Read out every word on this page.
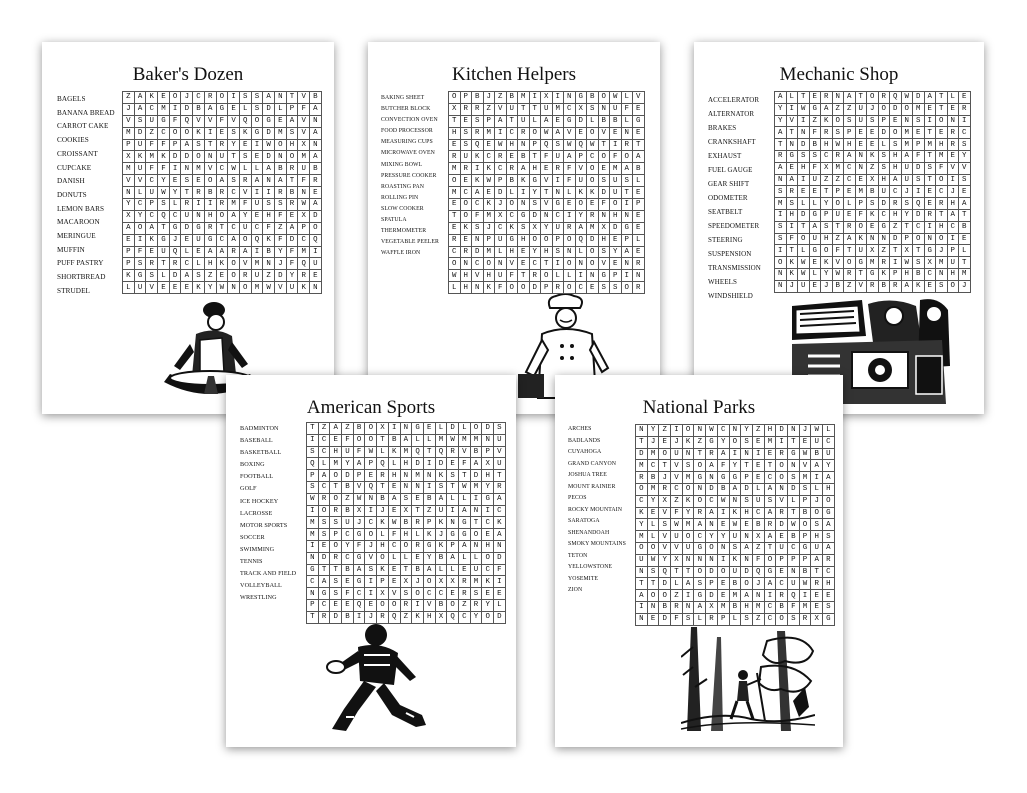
Baker's Dozen
BAGELS
BANANA BREAD
CARROT CAKE
COOKIES
CROISSANT
CUPCAKE
DANISH
DONUTS
LEMON BARS
MACAROON
MERINGUE
MUFFIN
PUFF PASTRY
SHORTBREAD
STRUDEL
Z A K E O J C R O I S S A N T V B
J A C M I D B A G E L S D L P F A
V S U G F Q V V F V Q O G E A V N
M D Z C O O K I E S K G D M S V A
P U F F P A S T R Y E I W O H X N
X K M K D D O N U T S E D N O M A
M U F F I N M V C W L L A B R U B
V V C Y E S E O A S R A N A T F R
N L U W Y T R B R C V I I R B N E
Y C P S L R I I R M F U S S R W A
X Y C Q C U N H O A Y E H F E X D
A O A T G D G R T C U C F Z A P O
E I K G J E U G C A O Q K F D C Q
P F E U Q L E A A R A I B Y F M I
P S R T R C L H K O V M N J F Q U
K G S L D A S Z E O R U Z D Y R E
L U V E E E K Y W N O M W V U K N
Kitchen Helpers
BAKING SHEET
BUTCHER BLOCK
CONVECTION OVEN
FOOD PROCESSOR
MEASURING CUPS
MICROWAVE OVEN
MIXING BOWL
PRESSURE COOKER
ROASTING PAN
ROLLING PIN
SLOW COOKER
SPATULA
THERMOMETER
VEGETABLE PEELER
WAFFLE IRON
O P B J Z B M I X I N G B O W L V
X R R Z V U T T U M C X S N U F E
T E S P A T U L A E G D L B B L G
H S R M I C R O W A V E O V E N E
E S Q E W H N P Q S W Q W T I R T
R U K C R E B T F U A P C O F O A
M R I K C R A H E R F V O E M A B
O E K W P B K G V I F U O S U S L
M C A E D L I Y T N L K K D U T E
E O C K J O N S V G E O E F O I P
T O F M X C G D N C I Y R N H N E
E K S J C K S X Y U R A M X D G E
R E N P U G H O O P O Q D H E P L
C R D M L H E Y H S N L O S Y A E
O N C O N V E C T I O N O V E N R
W H V H U F T R O L L I N G P I N
L H N K F O O D P R O C E S S O R
Mechanic Shop
ACCELERATOR
ALTERNATOR
BRAKES
CRANKSHAFT
EXHAUST
FUEL GAUGE
GEAR SHIFT
ODOMETER
SEATBELT
SPEEDOMETER
STEERING
SUSPENSION
TRANSMISSION
WHEELS
WINDSHIELD
A L T E R N A T O R Q W D A T L E
Y I W G A Z Z U J O D O M E T E R
Y V I Z K O S U S P E N S I O N I
A T N F R S P E E D O M E T E R C
T N D B H W H E E L S M P M H R S
R G S S C R A N K S H A F T M E Y
A E H F X M C N Z S H U D S F V V
N A I U Z Z C E X H A U S T O I S
S R E E T P E M B U C J I E C J E
M S L L Y O L P S D R S Q E R H A
I H D G P U E F K C H Y D R T A T
S I T A S T R O E G Z T C I H C B
S F O U H Z A K N N D P O N O I E
I T L G O F T U X Z T X T G J P L
O K W E K V O G M R I W S X M U T
N K W L Y W R T G K P H B C N H M
N J U E J B Z V R B R A K E S O J
American Sports
BADMINTON
BASEBALL
BASKETBALL
BOXING
FOOTBALL
GOLF
ICE HOCKEY
LACROSSE
MOTOR SPORTS
SOCCER
SWIMMING
TENNIS
TRACK AND FIELD
VOLLEYBALL
WRESTLING
T Z A Z B O X I N G E L D L O D S
I C E F O O T B A L L M W M M N U
S C H U F W L K M Q T Q R V B P V
Q L M Y A P Q L H D I D E F A X U
P A O D P E R H N M N K S T D H T
S C T B V Q T E N N I S T W M Y R
W R O Z W N B A S E B A L L I G A
I O R B X I J E X T Z U I A N I C
M S S U J C K W B R P K N G T C K
M S P C G O L F H L K J G G O E A
I E O Y F J H C O R G K P A N H N
N D R C G V O L L E Y B A L L O D
G T T B A S K E T B A L L E U C F
C A S E G I P E X J O X X R M K I
N G S F C I X V S O C C E R S E E
P C E E Q E O O R I V B O Z R Y L
T R D B I J R Q Z K H X Q C Y O D
National Parks
ARCHES
BADLANDS
CUYAHOGA
GRAND CANYON
JOSHUA TREE
MOUNT RAINIER
PECOS
ROCKY MOUNTAIN
SARATOGA
SHENANDOAH
SMOKY MOUNTAINS
TETON
YELLOWSTONE
YOSEMITE
ZION
N Y Z I O N W C N Y Z H D N J W L
T J E J K Z G Y O S E M I T E U C
D M O U N T R A I N I E R G W B U
M C T V S O A F Y T E T O N V A Y
R B J V M G N G G P E C O S M I A
O M R C O N D B A D L A N D S L H
C Y X Z K O C W N S U S V L P J O
K E V F Y R A I K H C A R T B O G
Y L S W M A N E W E B R D W O S A
M L V U O C Y Y U N X A E B P H S
O O V V U G O N S A Z T U C G U A
U W Y X N N N I K N F O P P P A R
N S Q T T O D O U D Q G E N B T C
T T D L A S P E B O J A C U W R H
A O O Z I G D E M A N I R Q I E E
I N B R N A X M B H M C B F M E S
N E D F S L R P L S Z C O S R X G
